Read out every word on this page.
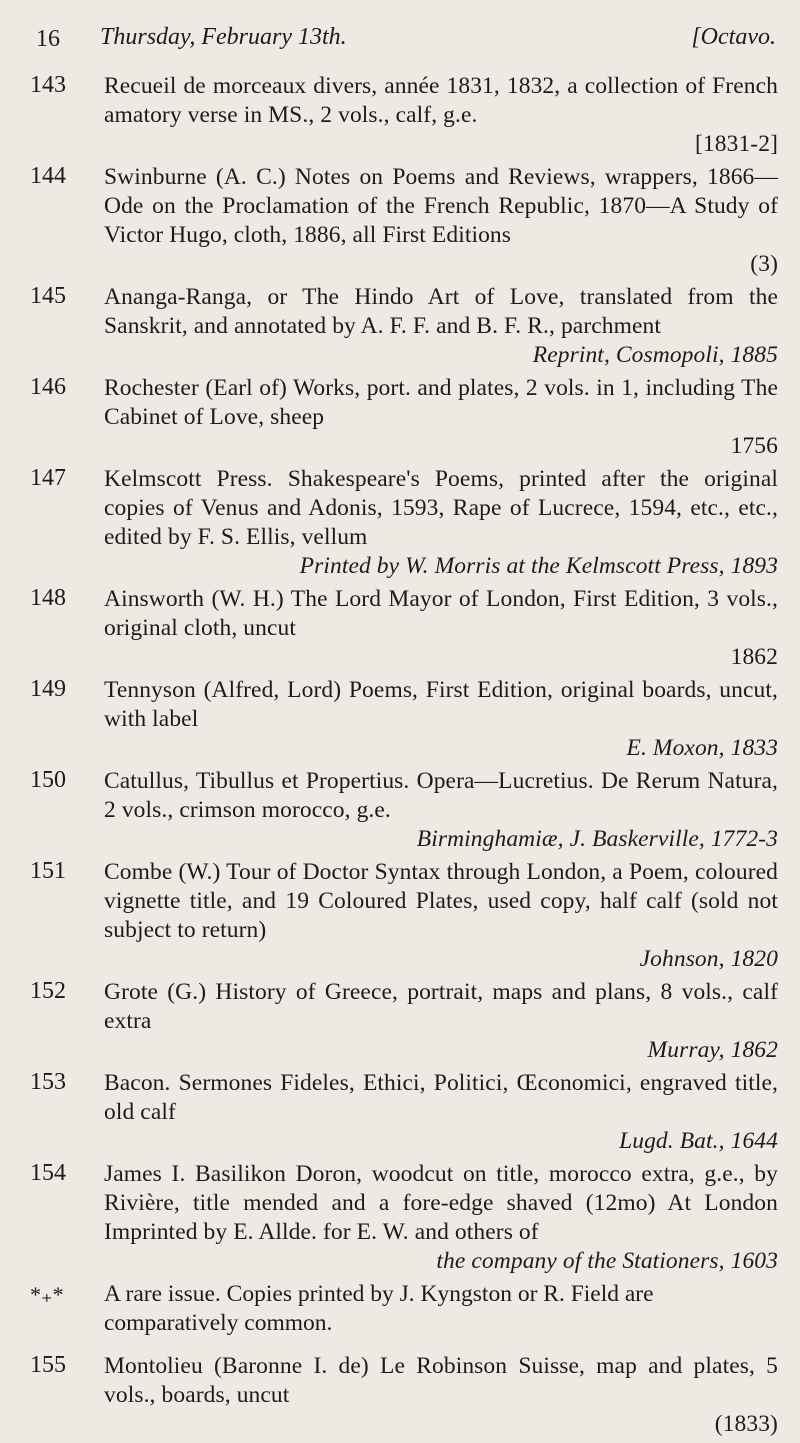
16 Thursday, February 13th.	[Octavo.
143 Recueil de morceaux divers, année 1831, 1832, a collection of French amatory verse in MS., 2 vols., calf, g.e.
[1831-2]
144 Swinburne (A. C.) Notes on Poems and Reviews, wrappers, 1866—Ode on the Proclamation of the French Republic, 1870—A Study of Victor Hugo, cloth, 1886, all First Editions
(3)
145 Ananga-Ranga, or The Hindo Art of Love, translated from the Sanskrit, and annotated by A. F. F. and B. F. R., parchment
Reprint, Cosmopoli, 1885
146 Rochester (Earl of) Works, port. and plates, 2 vols. in 1, including The Cabinet of Love, sheep
1756
147 Kelmscott Press. Shakespeare's Poems, printed after the original copies of Venus and Adonis, 1593, Rape of Lucrece, 1594, etc., etc., edited by F. S. Ellis, vellum
Printed by W. Morris at the Kelmscott Press, 1893
148 Ainsworth (W. H.) The Lord Mayor of London, First Edition, 3 vols., original cloth, uncut
1862
149 Tennyson (Alfred, Lord) Poems, First Edition, original boards, uncut, with label
E. Moxon, 1833
150 Catullus, Tibullus et Propertius. Opera—Lucretius. De Rerum Natura, 2 vols., crimson morocco, g.e.
Birminghamiæ, J. Baskerville, 1772-3
151 Combe (W.) Tour of Doctor Syntax through London, a Poem, coloured vignette title, and 19 Coloured Plates, used copy, half calf (sold not subject to return)
Johnson, 1820
152 Grote (G.) History of Greece, portrait, maps and plans, 8 vols., calf extra
Murray, 1862
153 Bacon. Sermones Fideles, Ethici, Politici, Œconomici, engraved title, old calf
Lugd. Bat., 1644
154 James I. Basilikon Doron, woodcut on title, morocco extra, g.e., by Rivière, title mended and a fore-edge shaved (12mo) At London Imprinted by E. Allde. for E. W. and others of
the company of the Stationers, 1603
*₊* A rare issue. Copies printed by J. Kyngston or R. Field are comparatively common.
155 Montolieu (Baronne I. de) Le Robinson Suisse, map and plates, 5 vols., boards, uncut
(1833)
